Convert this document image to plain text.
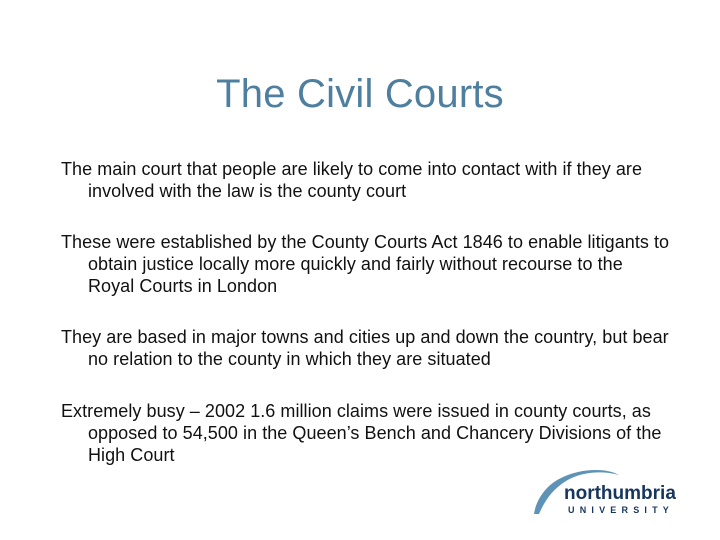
The Civil Courts

The main court that people are likely to come into contact with if they are involved with the law is the county court

These were established by the County Courts Act 1846 to enable litigants to obtain justice locally more quickly and fairly without recourse to the Royal Courts in London

They are based in major towns and cities up and down the country, but bear no relation to the county in which they are situated

Extremely busy – 2002 1.6 million claims were issued in county courts, as opposed to 54,500 in the Queen’s Bench and Chancery Divisions of the High Court

northumbria
UNIVERSITY
